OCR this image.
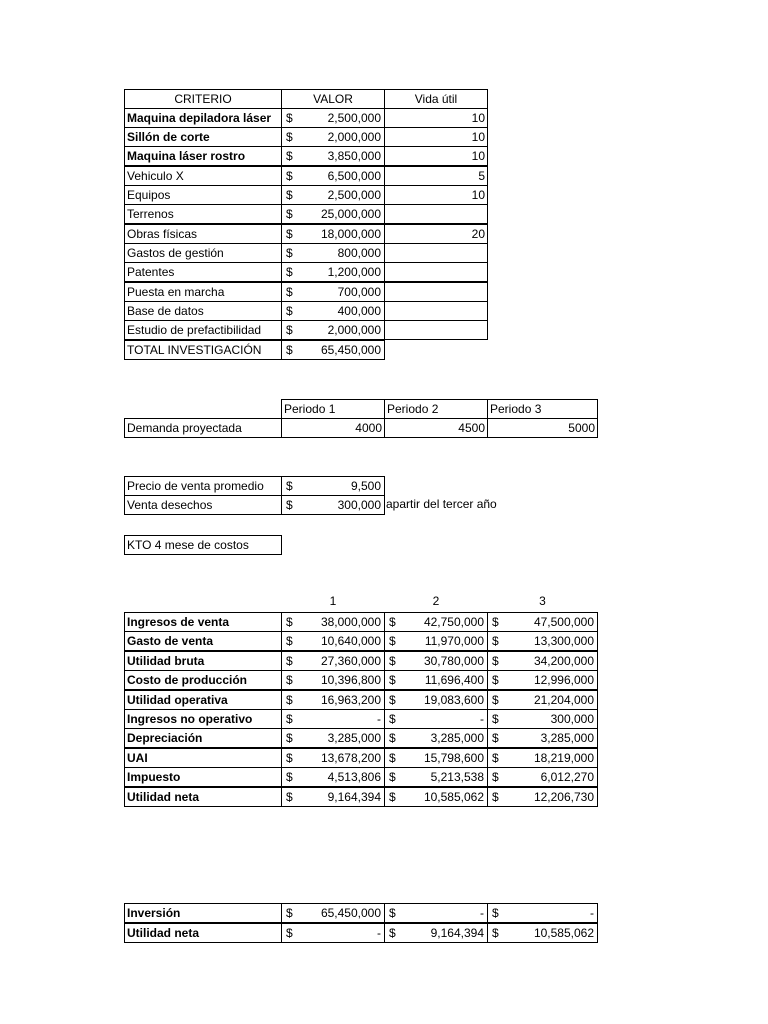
CRITERIO	VALOR	Vida útil
Maquina depiladora láser	$	2,500,000	10
Sillón de corte	$	2,000,000	10
Maquina láser rostro	$	3,850,000	10
Vehiculo X	$	6,500,000	5
Equipos	$	2,500,000	10
Terrenos	$ 25,000,000
Obras físicas	$ 18,000,000	20
Gastos de gestión	$	800,000
Patentes	$	1,200,000
Puesta en marcha	$	700,000
Base de datos	$	400,000
Estudio de prefactibilidad	$	2,000,000
TOTAL INVESTIGACIÓN	$ 65,450,000
Periodo 1	Periodo 2	Periodo 3
Demanda proyectada	4000	4500	5000
Precio de venta promedio	$	9,500
Venta desechos	$	300,000 apartir del tercer año
KTO 4 mese de costos
1	2	3
Ingresos de venta	$ 38,000,000 $ 42,750,000 $	47,500,000
Gasto de venta	$ 10,640,000 $ 11,970,000 $	13,300,000
Utilidad bruta	$ 27,360,000 $ 30,780,000 $	34,200,000
Costo de producción	$ 10,396,800 $ 11,696,400 $	12,996,000
Utilidad operativa	$ 16,963,200 $ 19,083,600 $	21,204,000
Ingresos no operativo	$	- $	- $	300,000
Depreciación	$	3,285,000 $	3,285,000 $	3,285,000
UAI	$ 13,678,200 $ 15,798,600 $	18,219,000
Impuesto	$	4,513,806 $	5,213,538 $	6,012,270
Utilidad neta	$	9,164,394 $ 10,585,062 $	12,206,730
Inversión	$ 65,450,000 $	- $	-
Utilidad neta	$	- $	9,164,394 $	10,585,062
